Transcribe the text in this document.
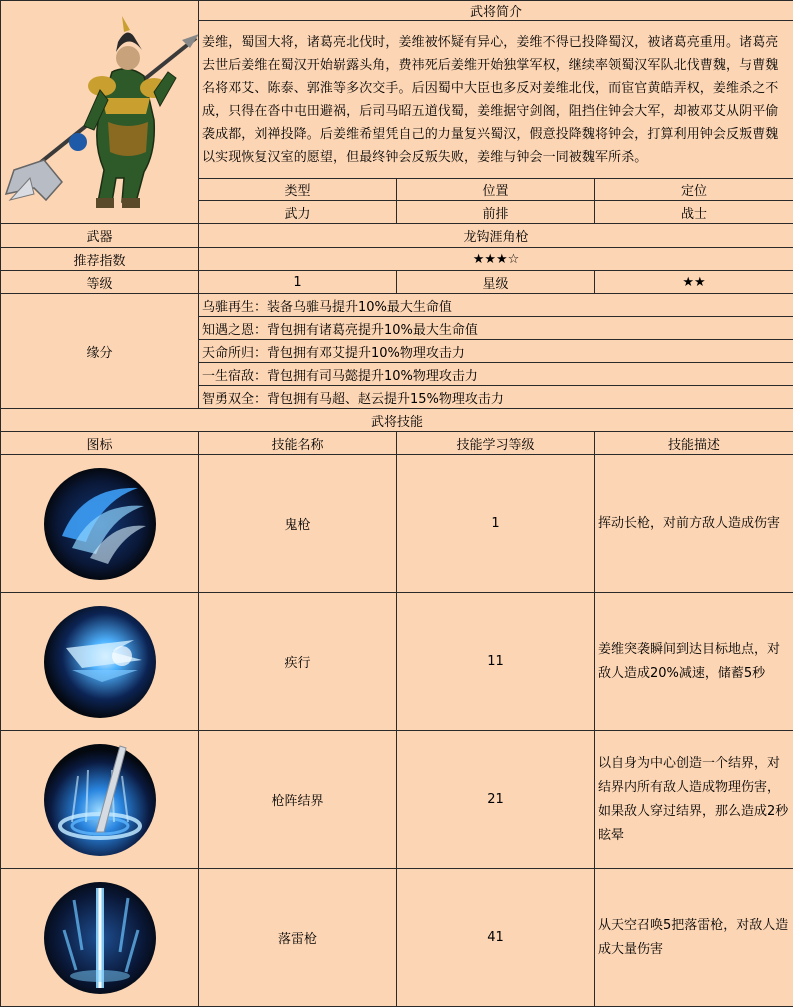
	武将简介		
	姜维，蜀国大将，诸葛亮北伐时，姜维被怀疑有异心，姜维不得已投降蜀汉，被诸葛亮重用。诸葛亮去世后姜维在蜀汉开始崭露头角，费祎死后姜维开始独掌军权，继续率领蜀汉军队北伐曹魏，与曹魏名将邓艾、陈泰、郭淮等多次交手。后因蜀中大臣也多反对姜维北伐，而宦官黄皓弄权，姜维杀之不成，只得在沓中屯田避祸，后司马昭五道伐蜀，姜维据守剑阁，阻挡住钟会大军，却被邓艾从阴平偷袭成都，刘禅投降。后姜维希望凭自己的力量复兴蜀汉，假意投降魏将钟会，打算利用钟会反叛曹魏以实现恢复汉室的愿望，但最终钟会反叛失败，姜维与钟会一同被魏军所杀。		

	类型	位置	定位
	武力	前排	战士
武器	龙钩涯角枪		
推荐指数	★★★☆		
等级	1	星级	★★
缘分	乌骓再生：装备乌骓马提升10%最大生命值		
	知遇之恩：背包拥有诸葛亮提升10%最大生命值		
	天命所归：背包拥有邓艾提升10%物理攻击力		
	一生宿敌：背包拥有司马懿提升10%物理攻击力		
	智勇双全：背包拥有马超、赵云提升15%物理攻击力		
武将技能			
图标	技能名称	技能学习等级	技能描述

	鬼枪	1	挥动长枪，对前方敌人造成伤害

	疾行	11	姜维突袭瞬间到达目标地点，对敌人造成20%减速，储蓄5秒

	枪阵结界	21	以自身为中心创造一个结界，对结界内所有敌人造成物理伤害，如果敌人穿过结界，那么造成2秒眩晕

	落雷枪	41	从天空召唤5把落雷枪，对敌人造成大量伤害
